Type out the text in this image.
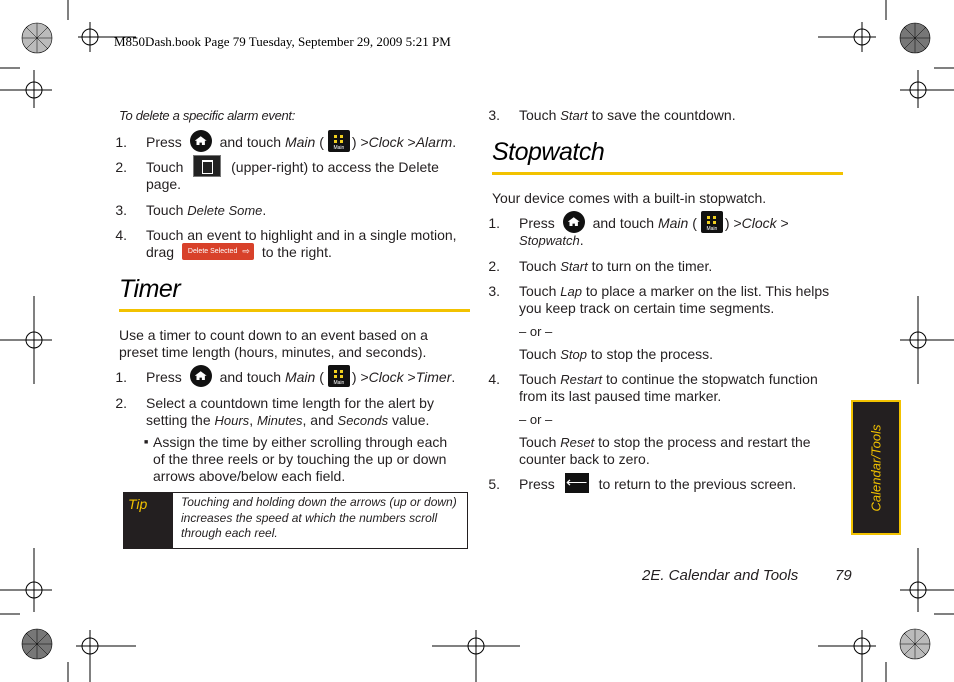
M850Dash.book Page 79 Tuesday, September 29, 2009 5:21 PM
To delete a specific alarm event:
1. Press	and touch Main (	Main ) >Clock >Alarm.
2. Touch	(upper-right) to access the Delete
page.
3. Touch Delete Some.
4. Touch an event to highlight and in a single motion,
drag Delete Selected ⇨ to the right.
Timer
Use a timer to count down to an event based on a
preset time length (hours, minutes, and seconds).
1. Press	and touch Main (	Main ) >Clock >Timer.
2. Select a countdown time length for the alert by
setting the Hours, Minutes, and Seconds value.
■ Assign the time by either scrolling through each
of the three reels or by touching the up or down
arrows above/below each field.
Tip	Touching and holding down the arrows (up or down)
increases the speed at which the numbers scroll
through each reel.
3. Touch Start to save the countdown.
Stopwatch
Your device comes with a built-in stopwatch.
1. Press	and touch Main (	Main ) >Clock >
Stopwatch.
2. Touch Start to turn on the timer.
3. Touch Lap to place a marker on the list. This helps
you keep track on certain time segments.
– or –
Touch Stop to stop the process.
4. Touch Restart to continue the stopwatch function
from its last paused time marker.
– or –
Touch Reset to stop the process and restart the
counter back to zero.
5. Press ⟵ to return to the previous screen.	Calendar/Tools
2E. Calendar and Tools 79
